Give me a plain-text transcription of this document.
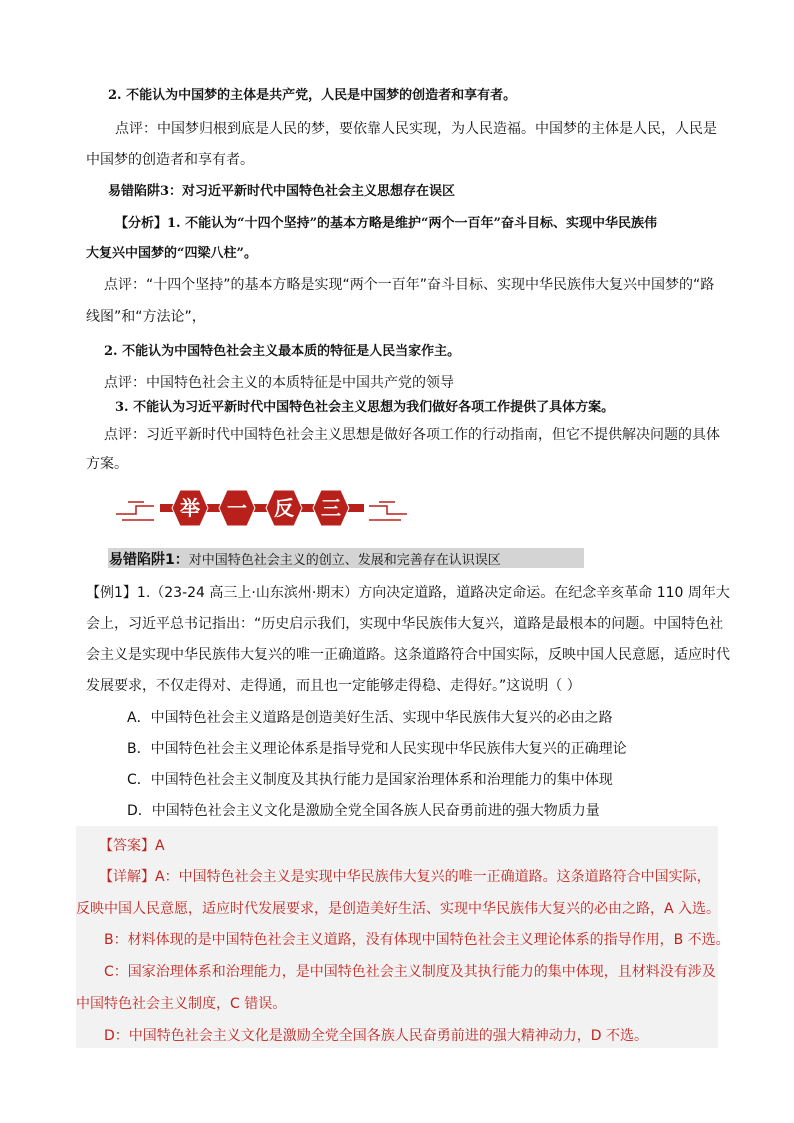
2. 不能认为中国梦的主体是共产党，人民是中国梦的创造者和享有者。
点评：中国梦归根到底是人民的梦，要依靠人民实现，为人民造福。中国梦的主体是人民，人民是
中国梦的创造者和享有者。
易错陷阱3：对习近平新时代中国特色社会主义思想存在误区
【分析】1. 不能认为“十四个坚持”的基本方略是维护“两个一百年”奋斗目标、实现中华民族伟
大复兴中国梦的“四梁八柱”。
点评：“十四个坚持”的基本方略是实现“两个一百年”奋斗目标、实现中华民族伟大复兴中国梦的“路
线图”和“方法论”，
2. 不能认为中国特色社会主义最本质的特征是人民当家作主。
点评：中国特色社会主义的本质特征是中国共产党的领导
3. 不能认为习近平新时代中国特色社会主义思想为我们做好各项工作提供了具体方案。
点评：习近平新时代中国特色社会主义思想是做好各项工作的行动指南，但它不提供解决问题的具体
方案。
举 一 反 三
易错陷阱1：对中国特色社会主义的创立、发展和完善存在认识误区
【例1】1.（23-24 高三上·山东滨州·期末）方向决定道路，道路决定命运。在纪念辛亥革命 110 周年大
会上，习近平总书记指出：“历史启示我们，实现中华民族伟大复兴，道路是最根本的问题。中国特色社
会主义是实现中华民族伟大复兴的唯一正确道路。这条道路符合中国实际，反映中国人民意愿，适应时代
发展要求，不仅走得对、走得通，而且也一定能够走得稳、走得好。”这说明（ ）
A．中国特色社会主义道路是创造美好生活、实现中华民族伟大复兴的必由之路
B．中国特色社会主义理论体系是指导党和人民实现中华民族伟大复兴的正确理论
C．中国特色社会主义制度及其执行能力是国家治理体系和治理能力的集中体现
D．中国特色社会主义文化是激励全党全国各族人民奋勇前进的强大物质力量
【答案】A
【详解】A：中国特色社会主义是实现中华民族伟大复兴的唯一正确道路。这条道路符合中国实际，
反映中国人民意愿，适应时代发展要求，是创造美好生活、实现中华民族伟大复兴的必由之路，A 入选。
B：材料体现的是中国特色社会主义道路，没有体现中国特色社会主义理论体系的指导作用，B 不选。
C：国家治理体系和治理能力，是中国特色社会主义制度及其执行能力的集中体现，且材料没有涉及
中国特色社会主义制度，C 错误。
D：中国特色社会主义文化是激励全党全国各族人民奋勇前进的强大精神动力，D 不选。
